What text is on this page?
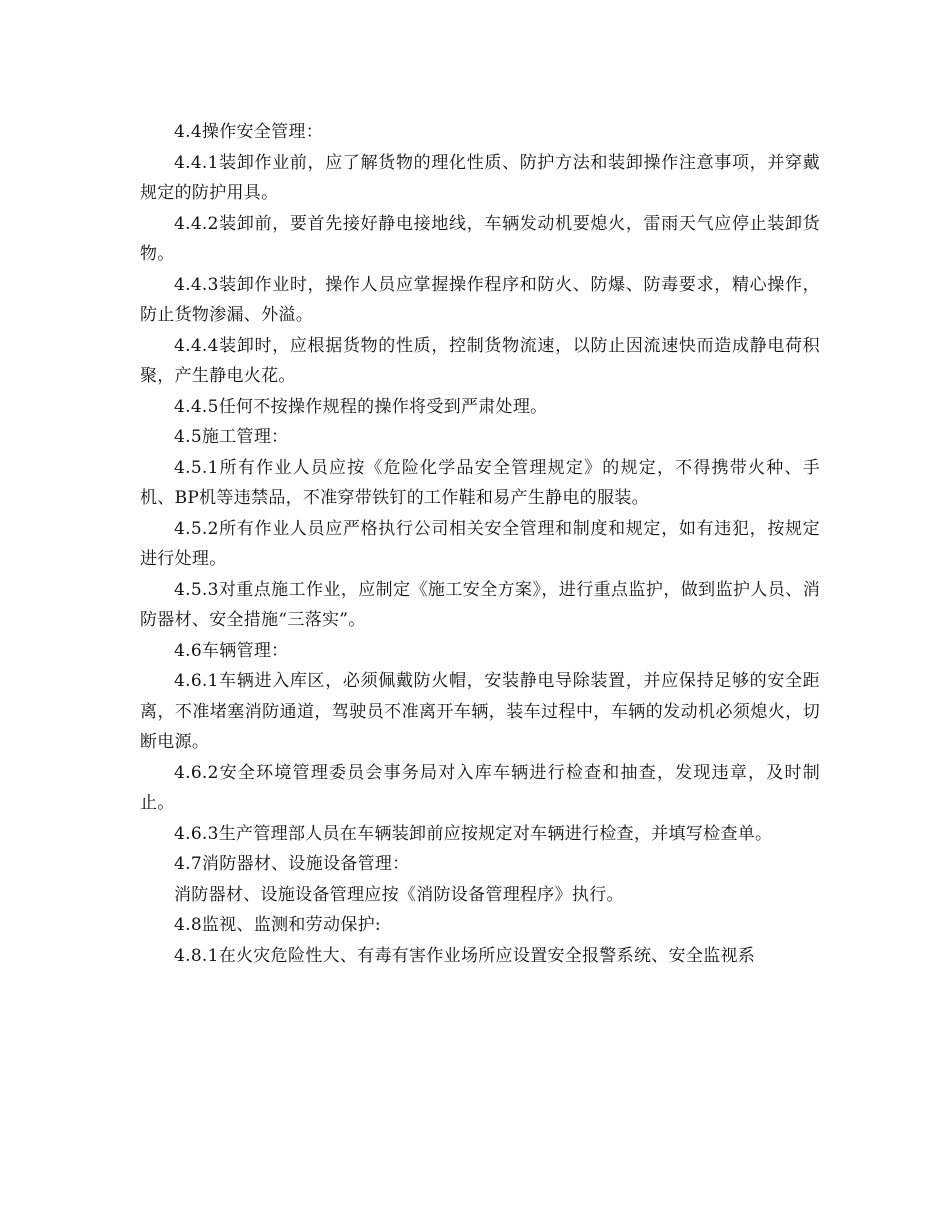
4.4操作安全管理：

4.4.1装卸作业前，应了解货物的理化性质、防护方法和装卸操作注意事项，并穿戴规定的防护用具。

4.4.2装卸前，要首先接好静电接地线，车辆发动机要熄火，雷雨天气应停止装卸货物。

4.4.3装卸作业时，操作人员应掌握操作程序和防火、防爆、防毒要求，精心操作，防止货物渗漏、外溢。

4.4.4装卸时，应根据货物的性质，控制货物流速，以防止因流速快而造成静电荷积聚，产生静电火花。

4.4.5任何不按操作规程的操作将受到严肃处理。

4.5施工管理：

4.5.1所有作业人员应按《危险化学品安全管理规定》的规定，不得携带火种、手机、BP机等违禁品，不准穿带铁钉的工作鞋和易产生静电的服装。

4.5.2所有作业人员应严格执行公司相关安全管理和制度和规定，如有违犯，按规定进行处理。

4.5.3对重点施工作业，应制定《施工安全方案》，进行重点监护，做到监护人员、消防器材、安全措施“三落实”。

4.6车辆管理：

4.6.1车辆进入库区，必须佩戴防火帽，安装静电导除装置，并应保持足够的安全距离，不准堵塞消防通道，驾驶员不准离开车辆，装车过程中，车辆的发动机必须熄火，切断电源。

4.6.2安全环境管理委员会事务局对入库车辆进行检查和抽查，发现违章，及时制止。

4.6.3生产管理部人员在车辆装卸前应按规定对车辆进行检查，并填写检查单。

4.7消防器材、设施设备管理：

消防器材、设施设备管理应按《消防设备管理程序》执行。

4.8监视、监测和劳动保护:

4.8.1在火灾危险性大、有毒有害作业场所应设置安全报警系统、安全监视系
